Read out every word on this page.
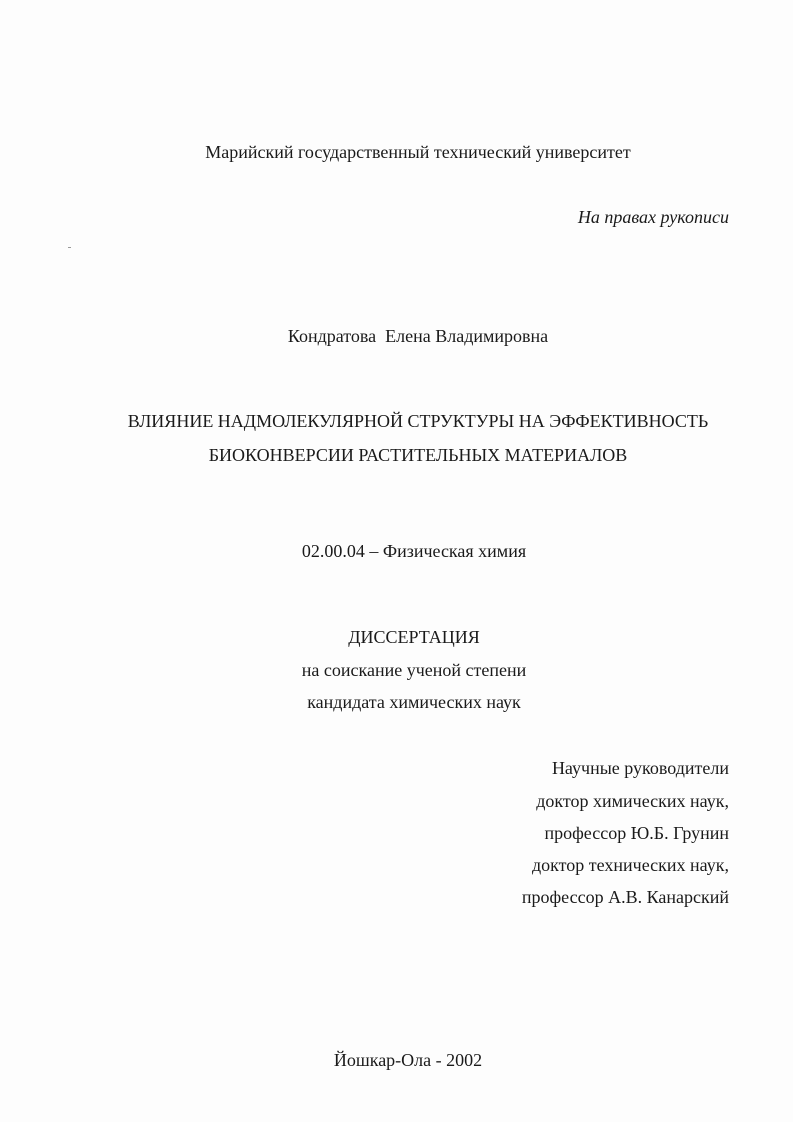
Марийский государственный технический университет
На правах рукописи
Кондратова  Елена Владимировна
ВЛИЯНИЕ НАДМОЛЕКУЛЯРНОЙ СТРУКТУРЫ НА ЭФФЕКТИВНОСТЬ
БИОКОНВЕРСИИ РАСТИТЕЛЬНЫХ МАТЕРИАЛОВ
02.00.04 – Физическая химия
ДИССЕРТАЦИЯ
на соискание ученой степени
кандидата химических наук
Научные руководители
доктор химических наук,
профессор Ю.Б. Грунин
доктор технических наук,
профессор А.В. Канарский
Йошкар-Ола - 2002
